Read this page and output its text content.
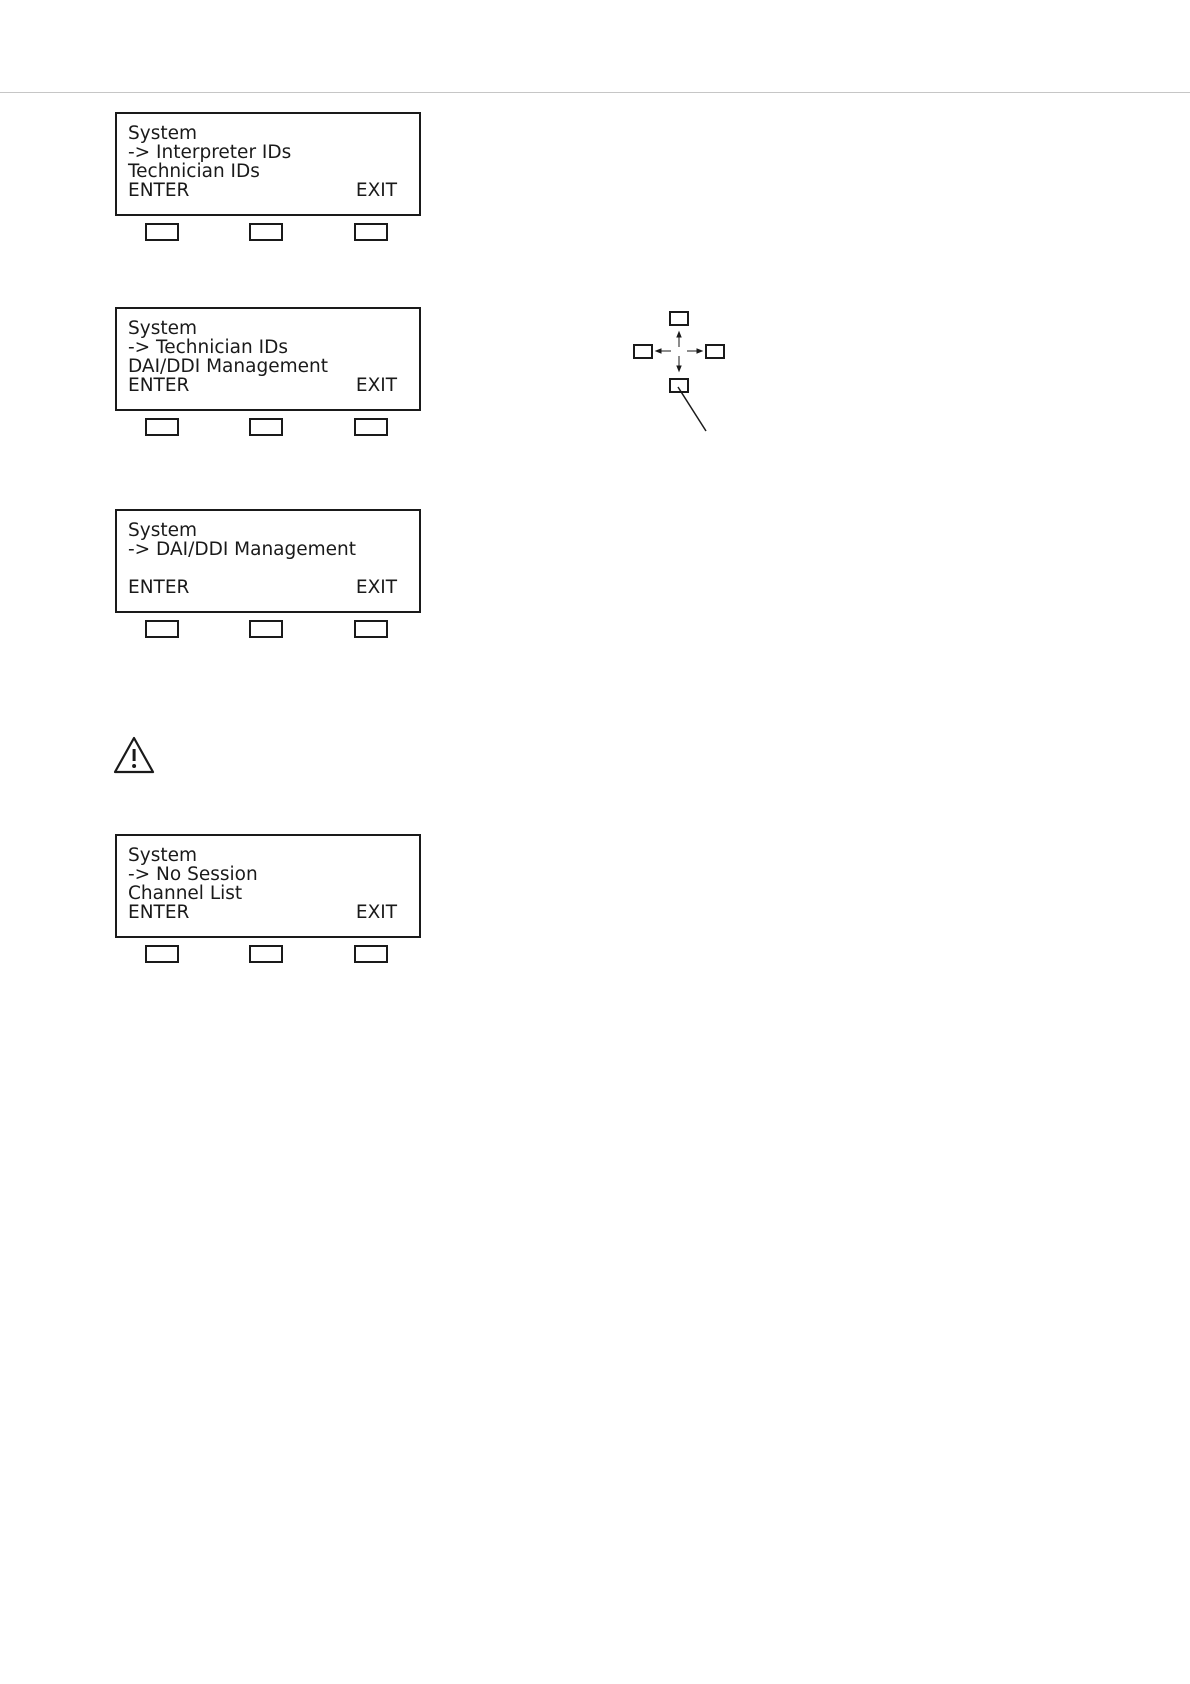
System
-> Interpreter IDs
Technician IDs
ENTER	EXIT
System
-> Technician IDs
DAI/DDI Management
ENTER	EXIT
System
-> DAI/DDI Management
ENTER	EXIT
System
-> No Session
Channel List
ENTER	EXIT
